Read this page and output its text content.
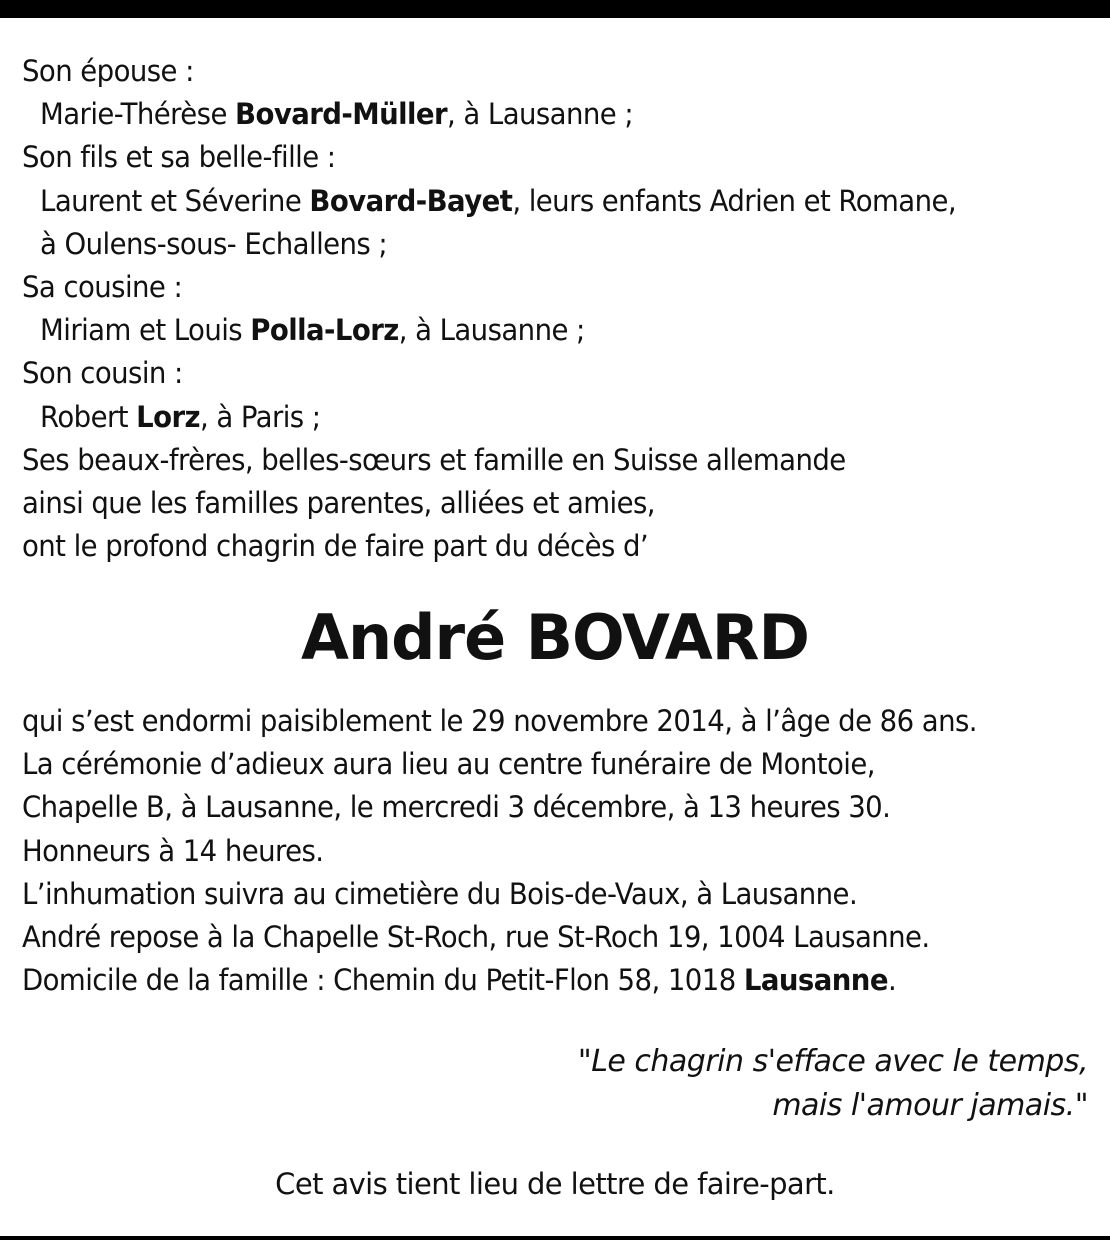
Son épouse :
Marie-Thérèse Bovard-Müller, à Lausanne ;
Son fils et sa belle-fille :
Laurent et Séverine Bovard-Bayet, leurs enfants Adrien et Romane,
à Oulens-sous- Echallens ;
Sa cousine :
Miriam et Louis Polla-Lorz, à Lausanne ;
Son cousin :
Robert Lorz, à Paris ;
Ses beaux-frères, belles-sœurs et famille en Suisse allemande
ainsi que les familles parentes, alliées et amies,
ont le profond chagrin de faire part du décès d’
André BOVARD
qui s’est endormi paisiblement le 29 novembre 2014, à l’âge de 86 ans.
La cérémonie d’adieux aura lieu au centre funéraire de Montoie,
Chapelle B, à Lausanne, le mercredi 3 décembre, à 13 heures 30.
Honneurs à 14 heures.
L’inhumation suivra au cimetière du Bois-de-Vaux, à Lausanne.
André repose à la Chapelle St-Roch, rue St-Roch 19, 1004 Lausanne.
Domicile de la famille : Chemin du Petit-Flon 58, 1018 Lausanne.
"Le chagrin s'efface avec le temps,
mais l'amour jamais."
Cet avis tient lieu de lettre de faire-part.
